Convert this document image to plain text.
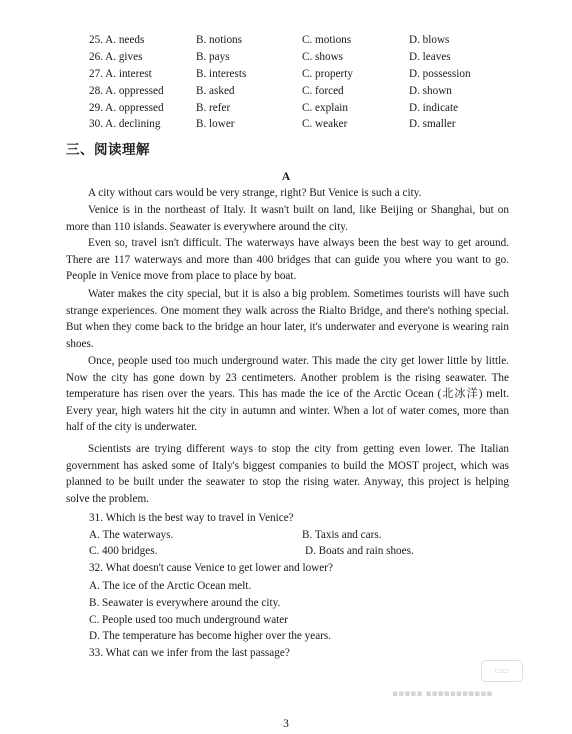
25. A. needs	B. notions	C. motions	D. blows
26. A. gives	B. pays	C. shows	D. leaves
27. A. interest	B. interests	C. property	D. possession
28. A. oppressed	B. asked	C. forced	D. shown
29. A. oppressed	B. refer	C. explain	D. indicate
30. A. declining	B. lower	C. weaker	D. smaller
三、阅读理解
A

A city without cars would be very strange, right? But Venice is such a city.

Venice is in the northeast of Italy. It wasn't built on land, like Beijing or Shanghai, but on more than 110 islands. Seawater is everywhere around the city.

Even so, travel isn't difficult. The waterways have always been the best way to get around. There are 117 waterways and more than 400 bridges that can guide you where you want to go. People in Venice move from place to place by boat.

Water makes the city special, but it is also a big problem. Sometimes tourists will have such strange experiences. One moment they walk across the Rialto Bridge, and there's nothing special. But when they come back to the bridge an hour later, it's underwater and everyone is wearing rain shoes.

Once, people used too much underground water. This made the city get lower little by little. Now the city has gone down by 23 centimeters. Another problem is the rising seawater. The temperature has risen over the years. This has made the ice of the Arctic Ocean (北冰洋) melt. Every year, high waters hit the city in autumn and winter. When a lot of water comes, more than half of the city is underwater.

Scientists are trying different ways to stop the city from getting even lower. The Italian government has asked some of Italy's biggest companies to build the MOST project, which was planned to be built under the seawater to stop the rising water. Anyway, this project is helping solve the problem.

31. Which is the best way to travel in Venice?
A. The waterways.	B. Taxis and cars.
C. 400 bridges.	D. Boats and rain shoes.
32. What doesn't cause Venice to get lower and lower?
A. The ice of the Arctic Ocean melt.
B. Seawater is everywhere around the city.
C. People used too much underground water
D. The temperature has become higher over the years.
33. What can we infer from the last passage?
▭▭
▪▪▪▪▪ ▪▪▪▪▪▪▪▪▪▪▪
3
